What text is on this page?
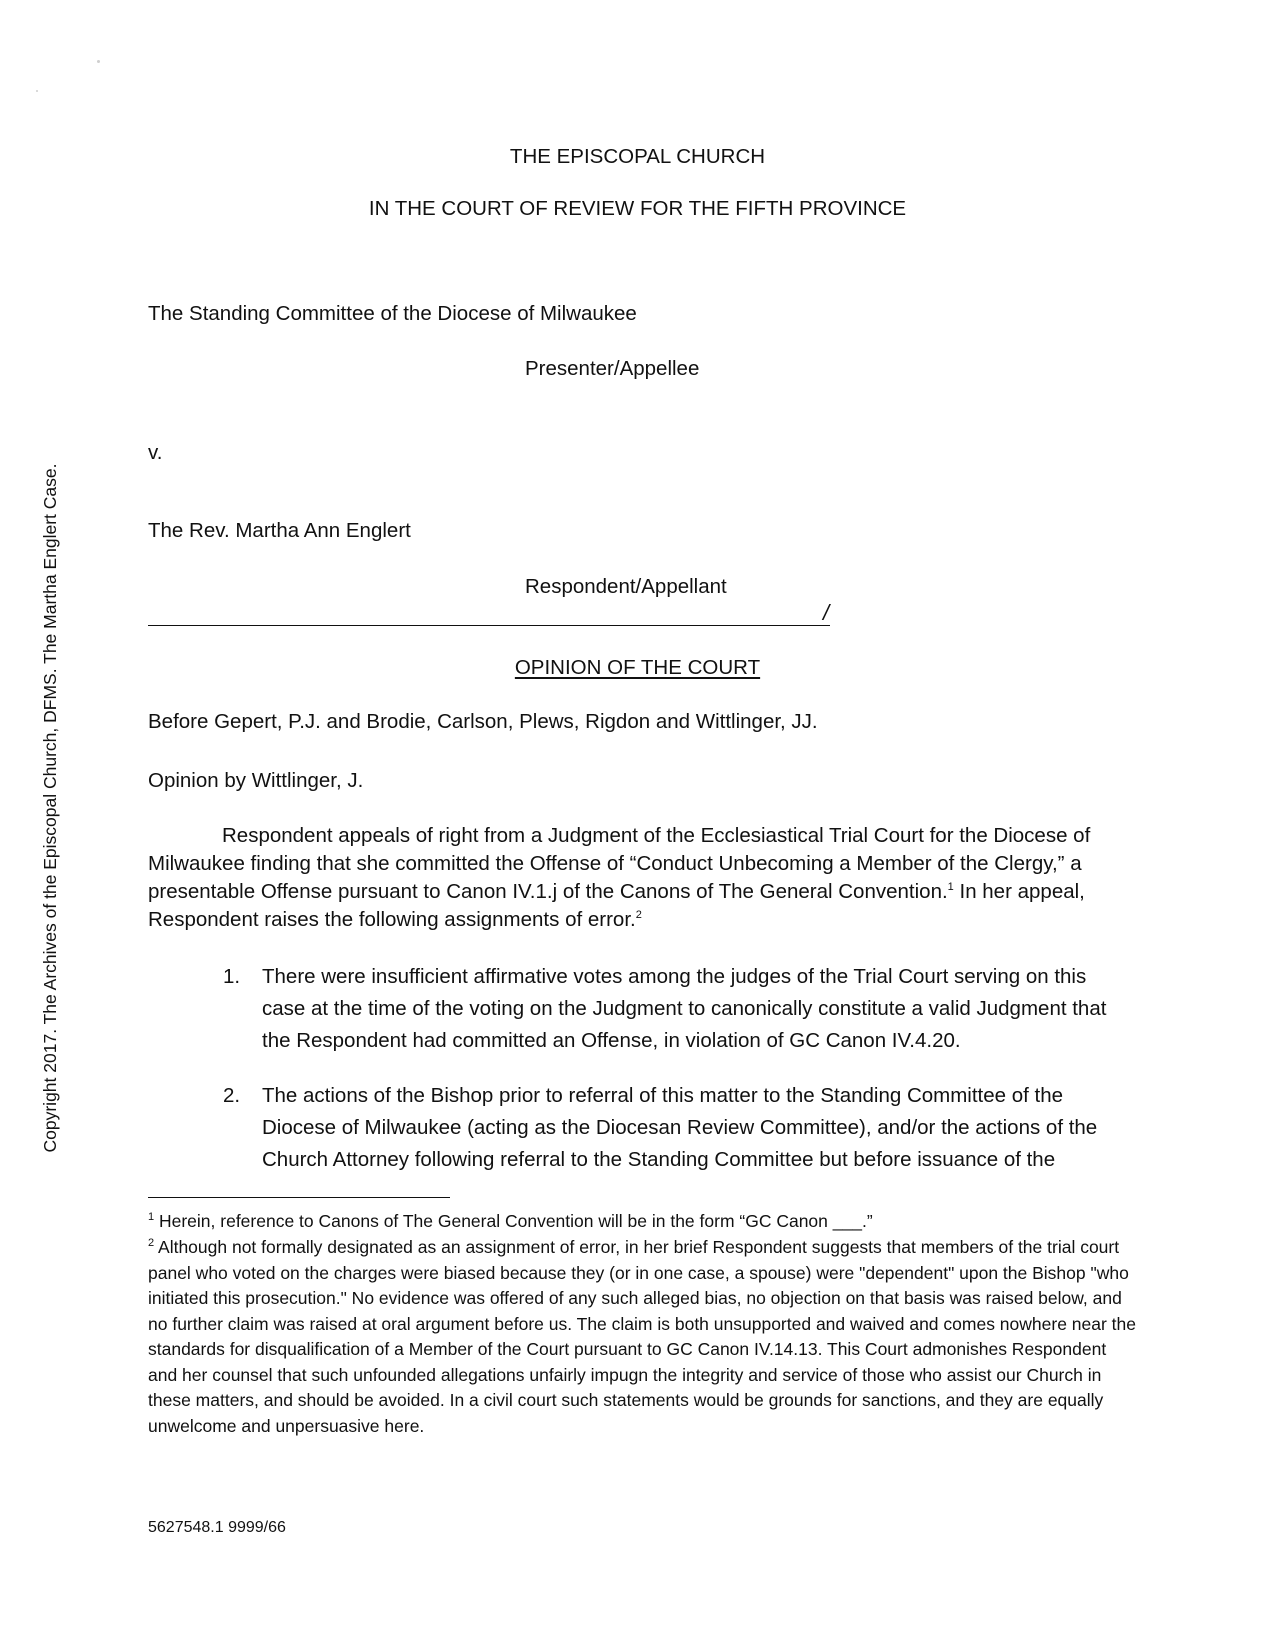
Copyright 2017. The Archives of the Episcopal Church, DFMS. The Martha Englert Case.
THE EPISCOPAL CHURCH
IN THE COURT OF REVIEW FOR THE FIFTH PROVINCE
The Standing Committee of the Diocese of Milwaukee
Presenter/Appellee
v.
The Rev. Martha Ann Englert
Respondent/Appellant
/
OPINION OF THE COURT
Before Gepert, P.J. and Brodie, Carlson, Plews, Rigdon and Wittlinger, JJ.
Opinion by Wittlinger, J.
Respondent appeals of right from a Judgment of the Ecclesiastical Trial Court for the Diocese of Milwaukee finding that she committed the Offense of “Conduct Unbecoming a Member of the Clergy,” a presentable Offense pursuant to Canon IV.1.j of the Canons of The General Convention.$^1$ In her appeal, Respondent raises the following assignments of error.$^2$
1.	There were insufficient affirmative votes among the judges of the Trial Court serving on this case at the time of the voting on the Judgment to canonically constitute a valid Judgment that the Respondent had committed an Offense, in violation of GC Canon IV.4.20.
2.	The actions of the Bishop prior to referral of this matter to the Standing Committee of the Diocese of Milwaukee (acting as the Diocesan Review Committee), and/or the actions of the Church Attorney following referral to the Standing Committee but before issuance of the
$^1$ Herein, reference to Canons of The General Convention will be in the form “GC Canon ___.”
$^2$ Although not formally designated as an assignment of error, in her brief Respondent suggests that members of the trial court panel who voted on the charges were biased because they (or in one case, a spouse) were "dependent" upon the Bishop "who initiated this prosecution." No evidence was offered of any such alleged bias, no objection on that basis was raised below, and no further claim was raised at oral argument before us. The claim is both unsupported and waived and comes nowhere near the standards for disqualification of a Member of the Court pursuant to GC Canon IV.14.13. This Court admonishes Respondent and her counsel that such unfounded allegations unfairly impugn the integrity and service of those who assist our Church in these matters, and should be avoided. In a civil court such statements would be grounds for sanctions, and they are equally unwelcome and unpersuasive here.
5627548.1 9999/66
